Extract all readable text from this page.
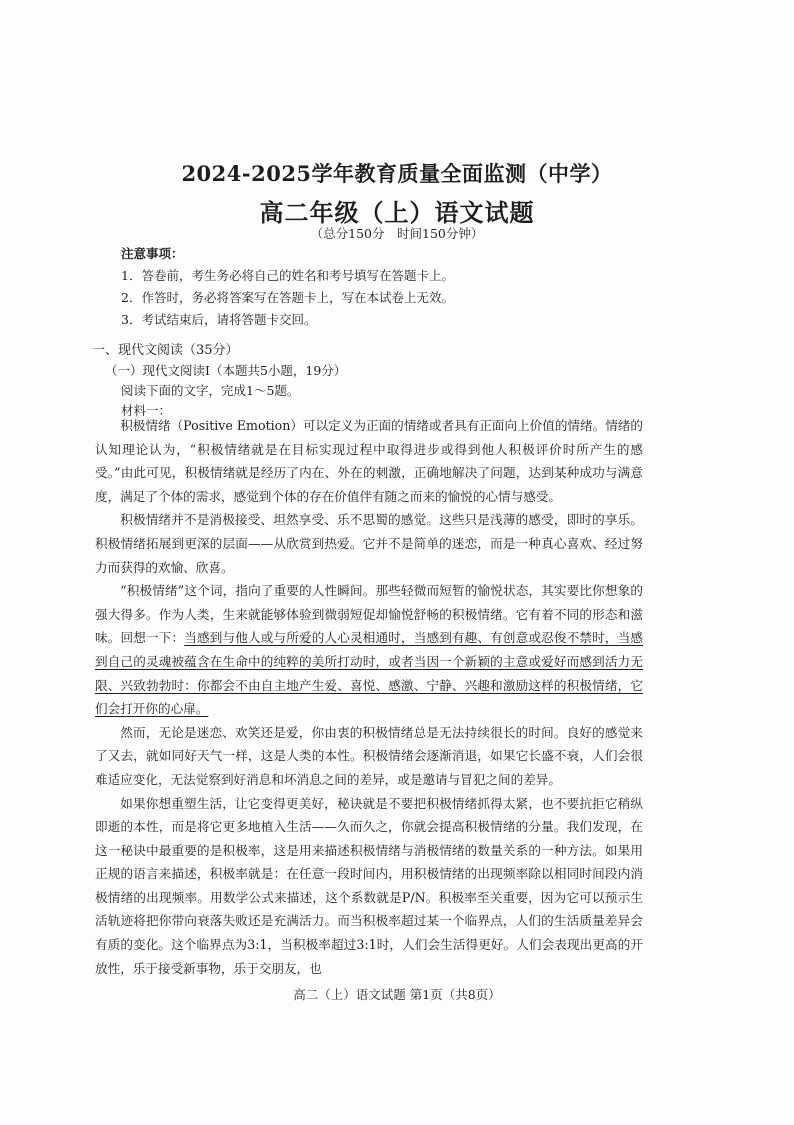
2024-2025学年教育质量全面监测（中学）
高二年级（上）语文试题
（总分150分　时间150分钟）
注意事项：
1．答卷前，考生务必将自己的姓名和考号填写在答题卡上。
2．作答时，务必将答案写在答题卡上，写在本试卷上无效。
3．考试结束后，请将答题卡交回。
一、现代文阅读（35分）
（一）现代文阅读Ⅰ（本题共5小题，19分）
阅读下面的文字，完成1～5题。
材料一：

积极情绪（Positive Emotion）可以定义为正面的情绪或者具有正面向上价值的情绪。情绪的认知理论认为，“积极情绪就是在目标实现过程中取得进步或得到他人积极评价时所产生的感受。”由此可见，积极情绪就是经历了内在、外在的刺激，正确地解决了问题，达到某种成功与满意度，满足了个体的需求，感觉到个体的存在价值伴有随之而来的愉悦的心情与感受。

积极情绪并不是消极接受、坦然享受、乐不思蜀的感觉。这些只是浅薄的感受，即时的享乐。积极情绪拓展到更深的层面——从欣赏到热爱。它并不是简单的迷恋，而是一种真心喜欢、经过努力而获得的欢愉、欣喜。

“积极情绪”这个词，指向了重要的人性瞬间。那些轻微而短暂的愉悦状态，其实要比你想象的强大得多。作为人类，生来就能够体验到微弱短促却愉悦舒畅的积极情绪。它有着不同的形态和滋味。回想一下：当感到与他人或与所爱的人心灵相通时，当感到有趣、有创意或忍俊不禁时，当感到自己的灵魂被蕴含在生命中的纯粹的美所打动时，或者当因一个新颖的主意或爱好而感到活力无限、兴致勃勃时：你都会不由自主地产生爱、喜悦、感激、宁静、兴趣和激励这样的积极情绪，它们会打开你的心扉。

然而，无论是迷恋、欢笑还是爱，你由衷的积极情绪总是无法持续很长的时间。良好的感觉来了又去，就如同好天气一样，这是人类的本性。积极情绪会逐渐消退，如果它长盛不衰，人们会很难适应变化，无法觉察到好消息和坏消息之间的差异，或是邀请与冒犯之间的差异。

如果你想重塑生活，让它变得更美好，秘诀就是不要把积极情绪抓得太紧，也不要抗拒它稍纵即逝的本性，而是将它更多地植入生活——久而久之，你就会提高积极情绪的分量。我们发现，在这一秘诀中最重要的是积极率，这是用来描述积极情绪与消极情绪的数量关系的一种方法。如果用正规的语言来描述，积极率就是：在任意一段时间内，用积极情绪的出现频率除以相同时间段内消极情绪的出现频率。用数学公式来描述，这个系数就是P/N。积极率至关重要，因为它可以预示生活轨迹将把你带向衰落失败还是充满活力。而当积极率超过某一个临界点，人们的生活质量差异会有质的变化。这个临界点为3:1，当积极率超过3:1时，人们会生活得更好。人们会表现出更高的开放性，乐于接受新事物，乐于交朋友，也

高二（上）语文试题 第1页（共8页）
